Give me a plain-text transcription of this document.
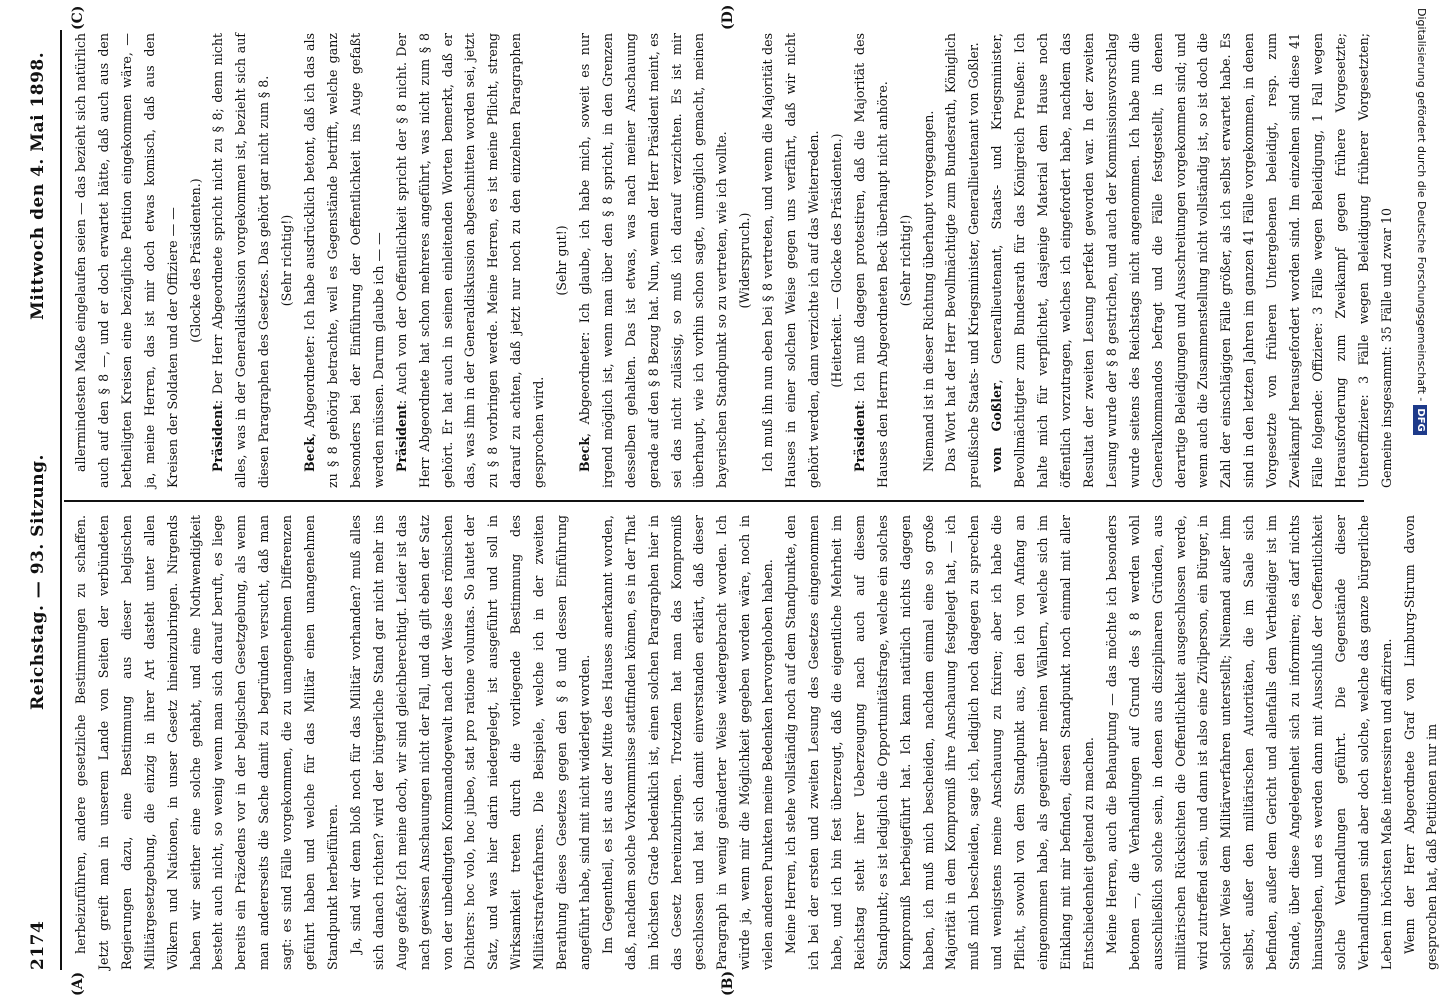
2174
Reichstag. — 93. Sitzung.
Mittwoch den 4. Mai 1898.

herbeizuführen, andere gesetzliche Bestimmungen zu schaffen. Jetzt greift man in unserem Lande von Seiten der verbündeten Regierungen dazu, eine Bestimmung aus dieser belgischen Militärgesetzgebung, die einzig in ihrer Art dasteht unter allen Völkern und Nationen, in unser Gesetz hineinzubringen. Nirgends haben wir seither eine solche gehabt, und eine Nothwendigkeit besteht auch nicht, so wenig wenn man sich darauf beruft, es liege bereits ein Präzedens vor in der belgischen Gesetzgebung, als wenn man andererseits die Sache damit zu begründen versucht, daß man sagt: es sind Fälle vorgekommen, die zu unangenehmen Differenzen geführt haben und welche für das Militär einen unangenehmen Standpunkt herbeiführen. Ja, sind wir denn bloß noch für das Militär vorhanden? muß alles sich danach richten? wird der bürgerliche Stand gar nicht mehr ins Auge gefaßt? Ich meine doch, wir sind gleichberechtigt. Leider ist das nach gewissen Anschauungen nicht der Fall, und da gilt eben der Satz von der unbedingten Kommandogewalt nach der Weise des römischen Dichters: hoc volo, hoc jubeo, stat pro ratione voluntas. So lautet der Satz, und was hier darin niedergelegt, ist ausgeführt und soll in Wirksamkeit treten durch die vorliegende Bestimmung des Militärstrafverfahrens. Die Beispiele, welche ich in der zweiten Berathung dieses Gesetzes gegen den § 8 und dessen Einführung angeführt habe, sind mit nicht widerlegt worden. Im Gegentheil, es ist aus der Mitte des Hauses anerkannt worden, daß, nachdem solche Vorkommnisse stattfinden können, es in der That im höchsten Grade bedenklich ist, einen solchen Paragraphen hier in das Gesetz hereinzubringen. Trotzdem hat man das Kompromiß geschlossen und hat sich damit einverstanden erklärt, daß dieser Paragraph in wenig geänderter Weise wiedergebracht worden. Ich würde ja, wenn mir die Möglichkeit gegeben worden wäre, noch in vielen anderen Punkten meine Bedenken hervorgehoben haben. Meine Herren, ich stehe vollständig noch auf dem Standpunkte, den ich bei der ersten und zweiten Lesung des Gesetzes eingenommen habe, und ich bin fest überzeugt, daß die eigentliche Mehrheit im Reichstag steht ihrer Ueberzeugung nach auch auf diesem Standpunkt; es ist lediglich die Opportunitätsfrage, welche ein solches Kompromiß herbeigeführt hat. Ich kann natürlich nichts dagegen haben, ich muß mich bescheiden, nachdem einmal eine so große Majorität in dem Kompromiß ihre Anschauung festgelegt hat, — ich muß mich bescheiden, sage ich, lediglich noch dagegen zu sprechen und wenigstens meine Anschauung zu fixiren; aber ich habe die Pflicht, sowohl von dem Standpunkt aus, den ich von Anfang an eingenommen habe, als gegenüber meinen Wählern, welche sich im Einklang mit mir befinden, diesen Standpunkt noch einmal mit aller Entschiedenheit geltend zu machen. Meine Herren, auch die Behauptung — das möchte ich besonders betonen —, die Verhandlungen auf Grund des § 8 werden wohl ausschließlich solche sein, in denen aus disziplinaren Gründen, aus militärischen Rücksichten die Oeffentlichkeit ausgeschlossen werde, wird zutreffend sein, und dann ist also eine Zivilperson, ein Bürger, in solcher Weise dem Militärverfahren unterstellt; Niemand außer ihm selbst, außer den militärischen Autoritäten, die im Saale sich befinden, außer dem Gericht und allenfalls dem Vertheidiger ist im Stande, über diese Angelegenheit sich zu informiren; es darf nichts hinausgehen, und es werden dann mit Ausschluß der Oeffentlichkeit solche Verhandlungen geführt. Die Gegenstände dieser Verhandlungen sind aber doch solche, welche das ganze bürgerliche Leben im höchsten Maße interessiren und affiziren. Wenn der Herr Abgeordnete Graf von Limburg-Stirum davon gesprochen hat, daß Petitionen nur im

allermindesten Maße eingelaufen seien — das bezieht sich natürlich auch auf den § 8 —, und er doch erwartet hätte, daß auch aus den betheiligten Kreisen eine bezügliche Petition eingekommen wäre, — ja, meine Herren, das ist mir doch etwas komisch, daß aus den Kreisen der Soldaten und der Offiziere — — (Glocke des Präsidenten.)

Präsident: Der Herr Abgeordnete spricht nicht zu § 8; denn nicht alles, was in der Generaldiskussion vorgekommen ist, bezieht sich auf diesen Paragraphen des Gesetzes. Das gehört gar nicht zum § 8. (Sehr richtig!)

Beck, Abgeordneter: Ich habe ausdrücklich betont, daß ich das als zu § 8 gehörig betrachte, weil es Gegenstände betrifft, welche ganz besonders bei der Einführung der Oeffentlichkeit ins Auge gefaßt werden müssen. Darum glaube ich — — Präsident: Auch von der Oeffentlichkeit spricht der § 8 nicht. Der Herr Abgeordnete hat schon mehreres angeführt, was nicht zum § 8 gehört. Er hat auch in seinen einleitenden Worten bemerkt, daß er das, was ihm in der Generaldiskussion abgeschnitten worden sei, jetzt zu § 8 vorbringen werde. Meine Herren, es ist meine Pflicht, streng darauf zu achten, daß jetzt nur noch zu den einzelnen Paragraphen gesprochen wird.

(Sehr gut!)

Beck, Abgeordneter: Ich glaube, ich habe mich, soweit es nur irgend möglich ist, wenn man über den § 8 spricht, in den Grenzen desselben gehalten. Das ist etwas, was nach meiner Anschauung gerade auf den § 8 Bezug hat. Nun, wenn der Herr Präsident meint, es sei das nicht zulässig, so muß ich darauf verzichten. Es ist mir überhaupt, wie ich vorhin schon sagte, unmöglich gemacht, meinen bayerischen Standpunkt so zu vertreten, wie ich wollte. (Widerspruch.) Ich muß ihn nun eben bei § 8 vertreten, und wenn die Majorität des Hauses in einer solchen Weise gegen uns verfährt, daß wir nicht gehört werden, dann verzichte ich auf das Weiterreden. (Heiterkeit. — Glocke des Präsidenten.)

Präsident: Ich muß dagegen protestiren, daß die Majorität des Hauses den Herrn Abgeordneten Beck überhaupt nicht anhöre. (Sehr richtig!) Niemand ist in dieser Richtung überhaupt vorgegangen. Das Wort hat der Herr Bevollmächtigte zum Bundesrath, Königlich preußische Staats- und Kriegsminister, Generallieutenant von Goßler. von Goßler, Generallieutenant, Staats- und Kriegsminister, Bevollmächtigter zum Bundesrath für das Königreich Preußen: Ich halte mich für verpflichtet, dasjenige Material dem Hause noch öffentlich vorzutragen, welches ich eingefordert habe, nachdem das Resultat der zweiten Lesung perfekt geworden war. In der zweiten Lesung wurde der § 8 gestrichen, und auch der Kommissionsvorschlag wurde seitens des Reichstags nicht angenommen. Ich habe nun die Generalkommandos befragt und die Fälle festgestellt, in denen derartige Beleidigungen und Ausschreitungen vorgekommen sind; und wenn auch die Zusammenstellung nicht vollständig ist, so ist doch die Zahl der einschlägigen Fälle größer, als ich selbst erwartet habe. Es sind in den letzten Jahren im ganzen 41 Fälle vorgekommen, in denen Vorgesetzte von früheren Untergebenen beleidigt, resp. zum Zweikampf herausgefordert worden sind. Im einzelnen sind diese 41 Fälle folgende: Offiziere: 3 Fälle wegen Beleidigung, 1 Fall wegen Herausforderung zum Zweikampf gegen frühere Vorgesetzte; Unteroffiziere: 3 Fälle wegen Beleidigung früherer Vorgesetzten; Gemeine insgesammt: 35 Fälle und zwar 10

(A)	(B)
(C)	(D)	Digitalisierung gefördert durch die Deutsche Forschungsgemeinschaft -DFG
